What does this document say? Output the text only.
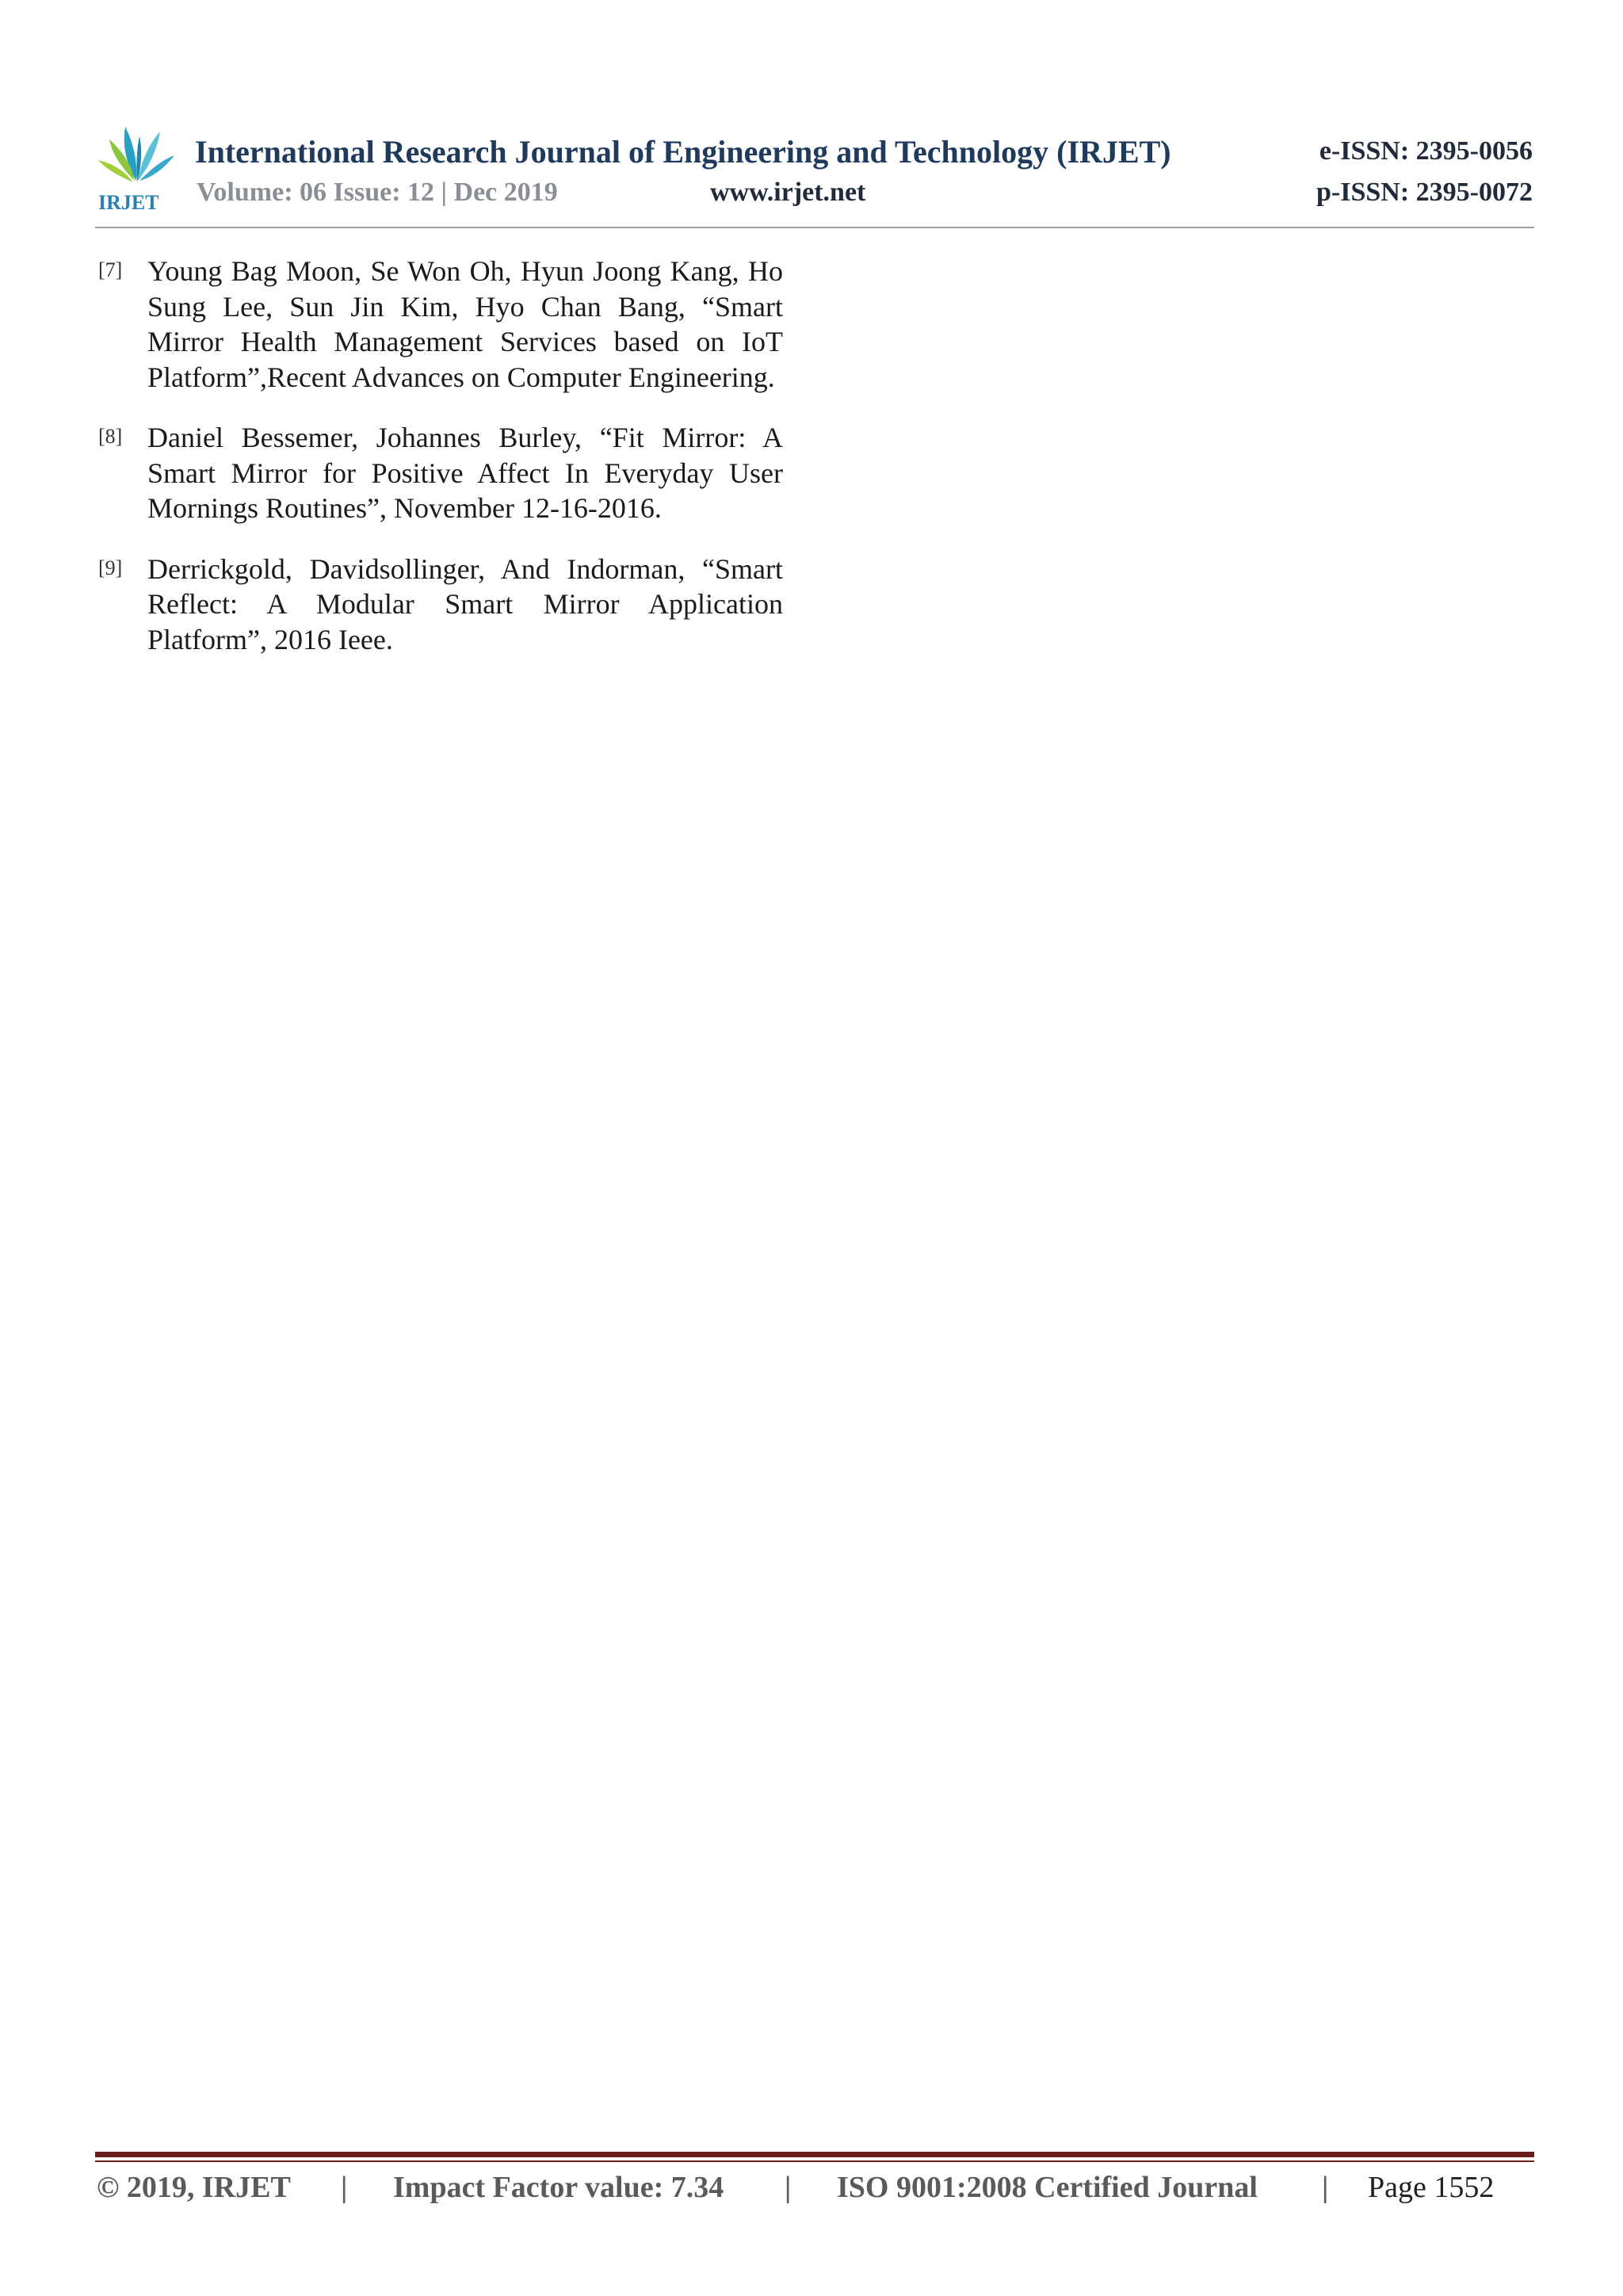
IRJET
International Research Journal of Engineering and Technology (IRJET)	e-ISSN: 2395-0056
Volume: 06 Issue: 12 | Dec 2019	www.irjet.net	p-ISSN: 2395-0072
[7] Young Bag Moon, Se Won Oh, Hyun Joong Kang, Ho Sung Lee, Sun Jin Kim, Hyo Chan Bang, “Smart Mirror Health Management Services based on IoT Platform”,Recent Advances on Computer Engineering.
[8] Daniel Bessemer, Johannes Burley, “Fit Mirror: A Smart Mirror for Positive Affect In Everyday User Mornings Routines”, November 12-16-2016.
[9] Derrickgold, Davidsollinger, And Indorman, “Smart Reflect: A Modular Smart Mirror Application Platform”, 2016 Ieee.
© 2019, IRJET | Impact Factor value: 7.34 | ISO 9001:2008 Certified Journal | Page 1552
